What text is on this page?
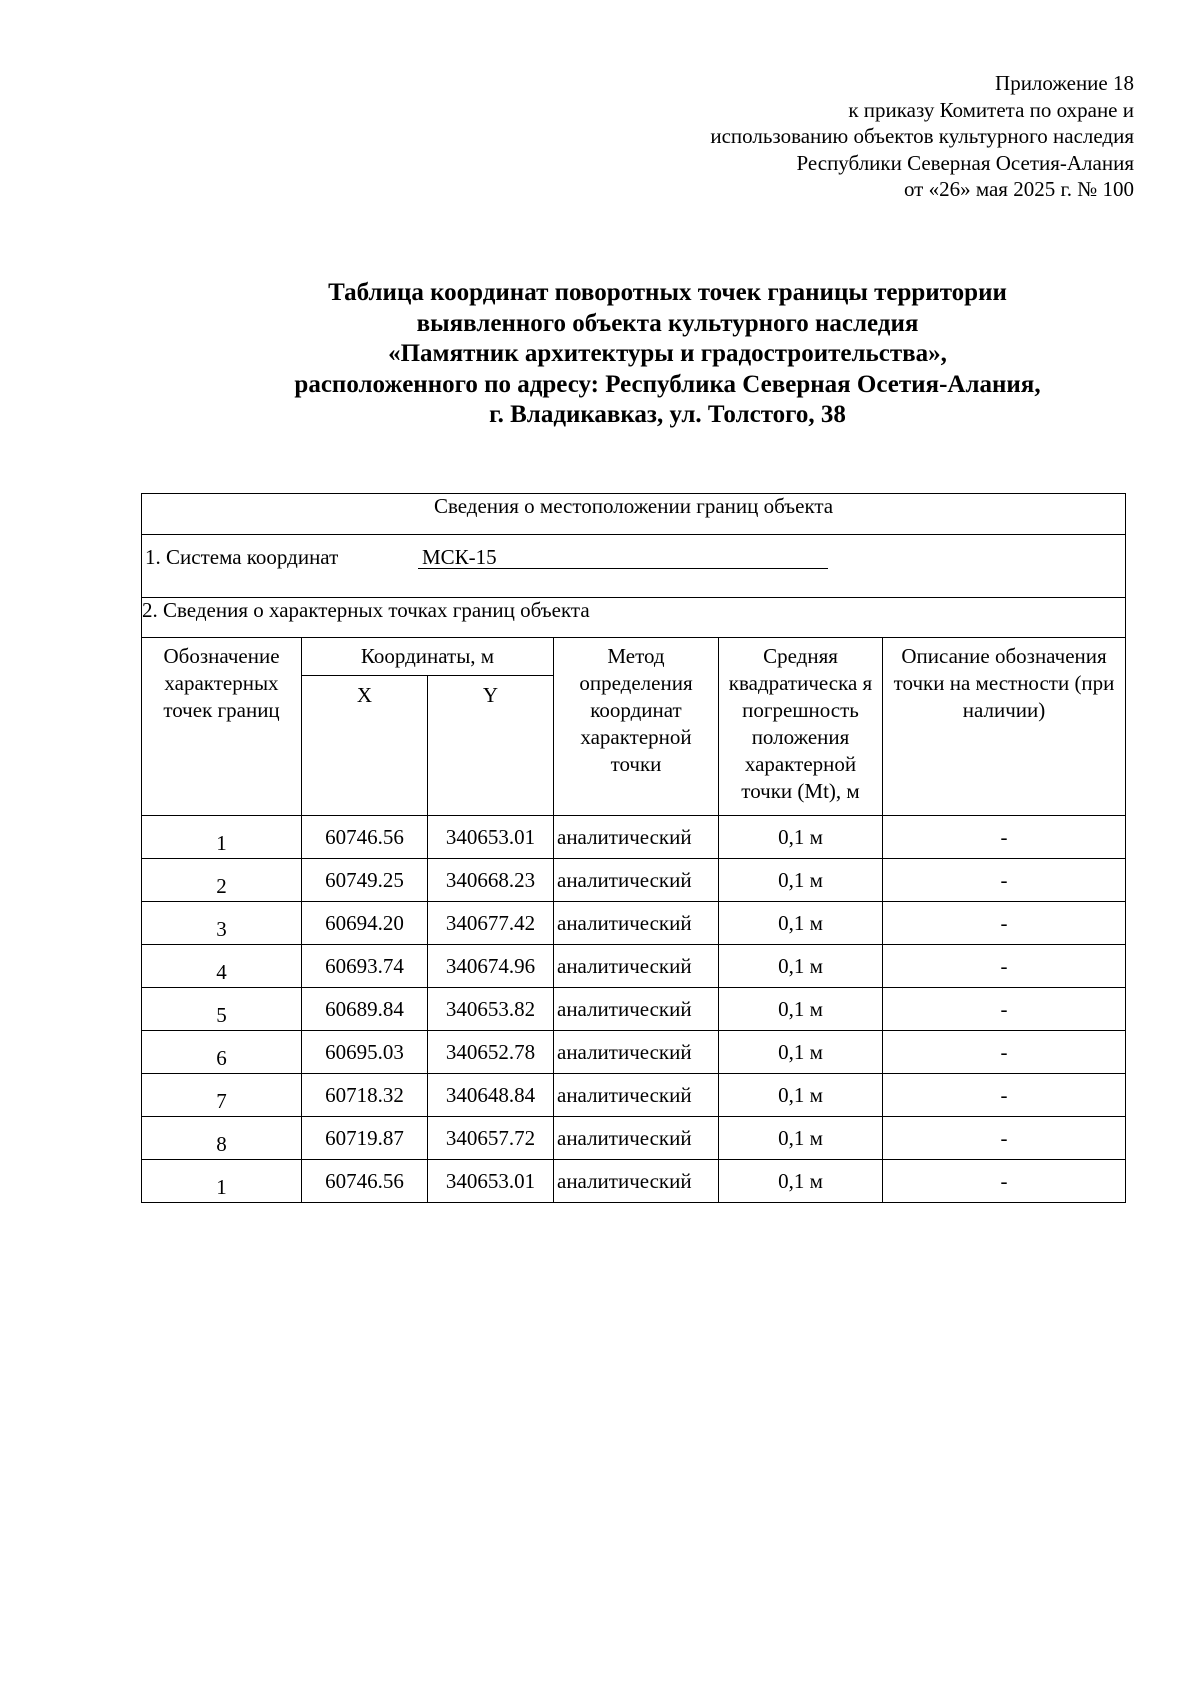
Приложение 18
к приказу Комитета по охране и
использованию объектов культурного наследия
Республики Северная Осетия-Алания
от «26» мая 2025 г. № 100
Таблица координат поворотных точек границы территории
выявленного объекта культурного наследия
«Памятник архитектуры и градостроительства»,
расположенного по адресу: Республика Северная Осетия-Алания,
г. Владикавказ, ул. Толстого, 38
Сведения о местоположении границ объекта					

1. Система координат МСК-15					

2. Сведения о характерных точках границ объекта					
Обозначение характерных точек границ	Координаты, м		Метод определения координат характерной точки	Средняя квадратическа я погрешность положения характерной точки (Mt), м	Описание обозначения точки на местности (при наличии)
	X	Y			
1	60746.56	340653.01	аналитический	0,1 м	-
2	60749.25	340668.23	аналитический	0,1 м	-
3	60694.20	340677.42	аналитический	0,1 м	-
4	60693.74	340674.96	аналитический	0,1 м	-
5	60689.84	340653.82	аналитический	0,1 м	-
6	60695.03	340652.78	аналитический	0,1 м	-
7	60718.32	340648.84	аналитический	0,1 м	-
8	60719.87	340657.72	аналитический	0,1 м	-
1	60746.56	340653.01	аналитический	0,1 м	-
